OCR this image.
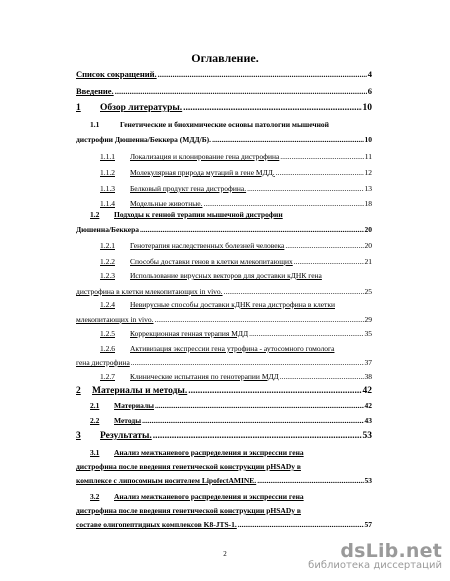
Оглавление.
Список сокращений. .....	4
Введение. .....	6
1	Обзор литературы. .....	10
1.1	Генетические и биохимические основы патологии мышечной
дистрофии Дюшенна/Беккера (МДД/Б). .....	10
1.1.1	Локализация и клонирование гена дистрофина .....	11
1.1.2	Молекулярная природа мутаций в гене МДД. .....	12
1.1.3	Белковый продукт гена дистрофина. .....	13
1.1.4	Модельные животные. .....	18
1.2	Подходы к генной терапии мышечной дистрофии
Дюшенна/Беккера .....	20
1.2.1	Генотерапия наследственных болезней человека .....	20
1.2.2	Способы доставки генов в клетки млекопитающих .....	21
1.2.3	Использование вирусных векторов для доставки кДНК гена
дистрофина в клетки млекопитающих in vivo. .....	25
1.2.4	Невирусные способы доставки кДНК гена дистрофина в клетки
млекопитающих in vivo. .....	29
1.2.5	Коррекционная генная терапия МДД .....	35
1.2.6	Активизация экспрессии гена утрофина - аутосомного гомолога
гена дистрофина .....	37
1.2.7	Клинические испытания по генотерапии МДД .....	38
2	Материалы и методы. .....	42
2.1	Материалы .....	42
2.2	Методы .....	43
3	Результаты. .....	53
3.1	Анализ межтканевого распределения и экспрессии гена
дистрофина после введения генетической конструкции pHSADy в
комплексе с липосомным носителем LipofectAMINE. .....	53
3.2	Анализ межтканевого распределения и экспрессии гена
дистрофина после введения генетической конструкции pHSADy в
составе олигопептидных комплексов K8-JTS-1. .....	57
2	dsLib.net
библиотека диссертаций
